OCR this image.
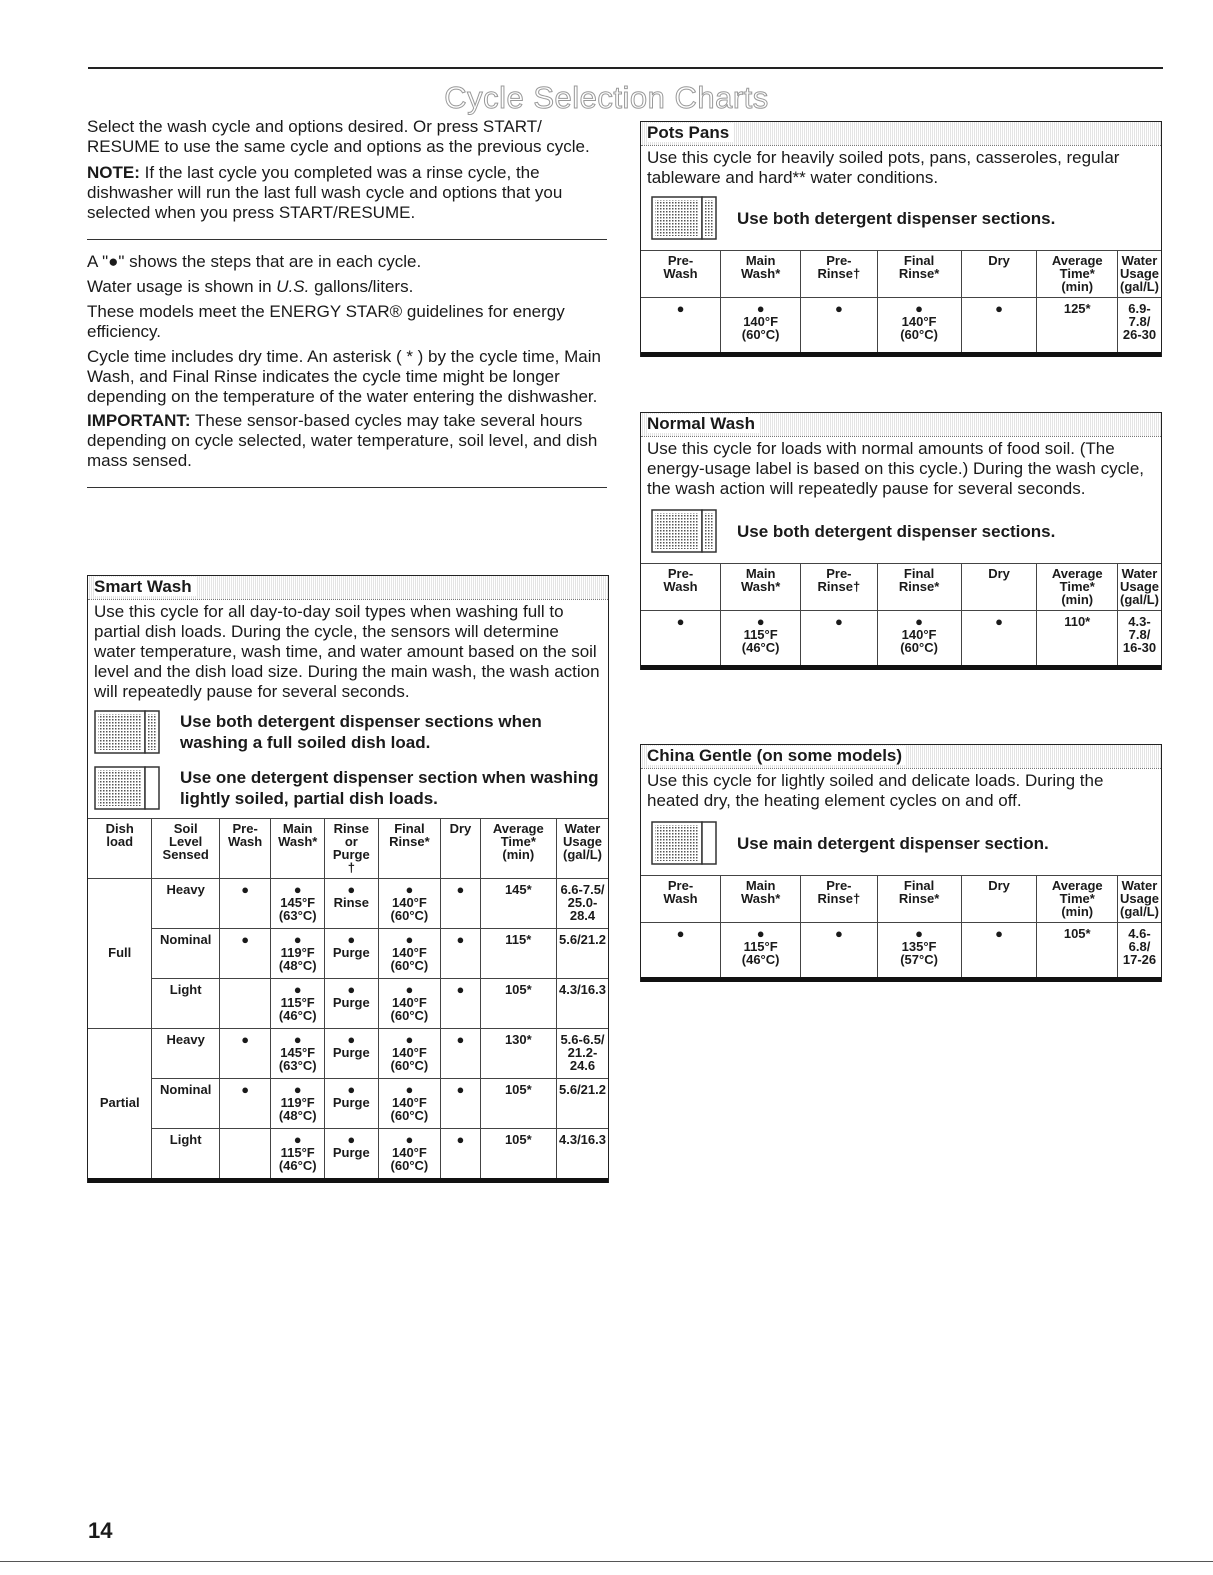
Cycle Selection Charts

Select the wash cycle and options desired. Or press START/ RESUME to use the same cycle and options as the previous cycle.

NOTE: If the last cycle you completed was a rinse cycle, the dishwasher will run the last full wash cycle and options that you selected when you press START/RESUME.

A "●" shows the steps that are in each cycle.

Water usage is shown in U.S. gallons/liters.

These models meet the ENERGY STAR® guidelines for energy efficiency.

Cycle time includes dry time. An asterisk ( * ) by the cycle time, Main Wash, and Final Rinse indicates the cycle time might be longer depending on the temperature of the water entering the dishwasher.

IMPORTANT: These sensor-based cycles may take several hours depending on cycle selected, water temperature, soil level, and dish mass sensed.

Smart Wash
Use this cycle for all day-to-day soil types when washing full to partial dish loads. During the cycle, the sensors will determine water temperature, wash time, and water amount based on the soil level and the dish load size. During the main wash, the wash action will repeatedly pause for several seconds.
Use both detergent dispenser sections when washing a full soiled dish load.
Use one detergent dispenser section when washing lightly soiled, partial dish loads.
Dish
load	Soil
Level
Sensed	Pre-
Wash	Main
Wash*	Rinse
or
Purge
†	Final
Rinse*	Dry	Average
Time*
(min)	Water
Usage
(gal/L)
Full	Heavy	●	●
145°F
(63°C)	●
Rinse	●
140°F
(60°C)	●	145*	6.6-7.5/
25.0-28.4
	Nominal	●	●
119°F
(48°C)	●
Purge	●
140°F
(60°C)	●	115*	5.6/21.2
	Light		●
115°F
(46°C)	●
Purge	●
140°F
(60°C)	●	105*	4.3/16.3
Partial	Heavy	●	●
145°F
(63°C)	●
Purge	●
140°F
(60°C)	●	130*	5.6-6.5/
21.2-24.6
	Nominal	●	●
119°F
(48°C)	●
Purge	●
140°F
(60°C)	●	105*	5.6/21.2
	Light		●
115°F
(46°C)	●
Purge	●
140°F
(60°C)	●	105*	4.3/16.3
Pots Pans
Use this cycle for heavily soiled pots, pans, casseroles, regular tableware and hard** water conditions.
Use both detergent dispenser sections.
Pre-
Wash	Main
Wash*	Pre-
Rinse†	Final
Rinse*	Dry	Average
Time*
(min)	Water
Usage
(gal/L)
●	●
140°F
(60°C)	●	●
140°F
(60°C)	●	125*	6.9-7.8/
26-30
Normal Wash
Use this cycle for loads with normal amounts of food soil. (The energy-usage label is based on this cycle.) During the wash cycle, the wash action will repeatedly pause for several seconds.
Use both detergent dispenser sections.
Pre-
Wash	Main
Wash*	Pre-
Rinse†	Final
Rinse*	Dry	Average
Time*
(min)	Water
Usage
(gal/L)
●	●
115°F
(46°C)	●	●
140°F
(60°C)	●	110*	4.3-7.8/
16-30
China Gentle (on some models)
Use this cycle for lightly soiled and delicate loads. During the heated dry, the heating element cycles on and off.
Use main detergent dispenser section.
Pre-
Wash	Main
Wash*	Pre-
Rinse†	Final
Rinse*	Dry	Average
Time*
(min)	Water
Usage
(gal/L)
●	●
115°F
(46°C)	●	●
135°F
(57°C)	●	105*	4.6-6.8/
17-26
14
